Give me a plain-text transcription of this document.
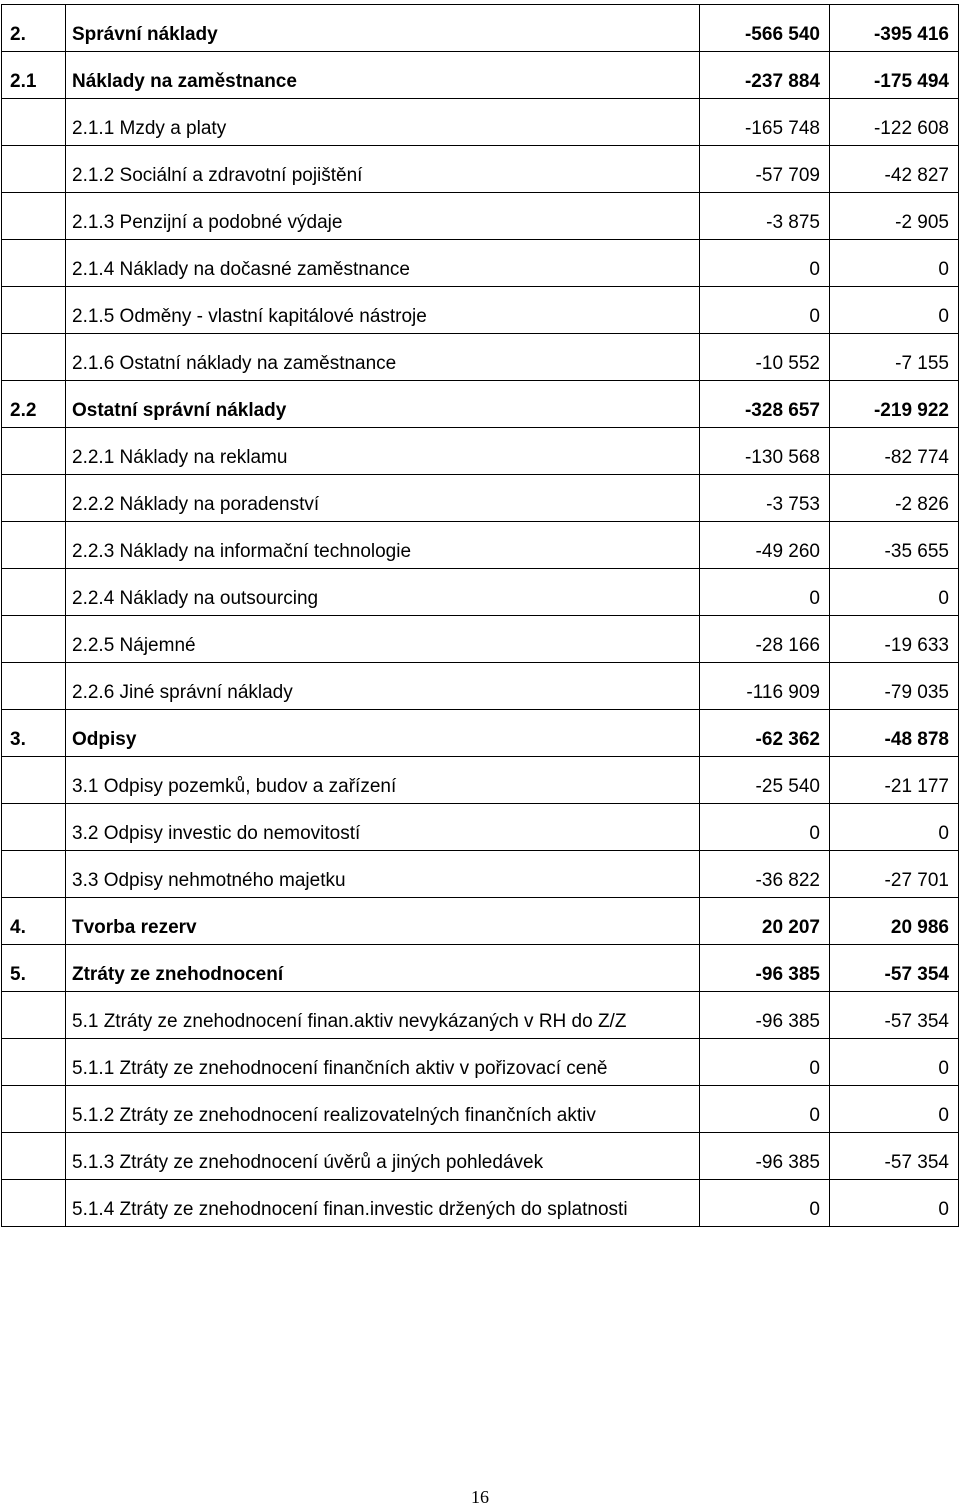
2.	Správní náklady	-566 540	-395 416
2.1	Náklady na zaměstnance	-237 884	-175 494
	2.1.1 Mzdy a platy	-165 748	-122 608
	2.1.2 Sociální a zdravotní pojištění	-57 709	-42 827
	2.1.3 Penzijní a podobné výdaje	-3 875	-2 905
	2.1.4 Náklady na dočasné zaměstnance	0	0
	2.1.5 Odměny - vlastní kapitálové nástroje	0	0
	2.1.6 Ostatní náklady na zaměstnance	-10 552	-7 155
2.2	Ostatní správní náklady	-328 657	-219 922
	2.2.1 Náklady na reklamu	-130 568	-82 774
	2.2.2 Náklady na poradenství	-3 753	-2 826
	2.2.3 Náklady na informační technologie	-49 260	-35 655
	2.2.4 Náklady na outsourcing	0	0
	2.2.5 Nájemné	-28 166	-19 633
	2.2.6 Jiné správní náklady	-116 909	-79 035
3.	Odpisy	-62 362	-48 878
	3.1 Odpisy pozemků, budov a zařízení	-25 540	-21 177
	3.2 Odpisy investic do nemovitostí	0	0
	3.3 Odpisy nehmotného majetku	-36 822	-27 701
4.	Tvorba rezerv	20 207	20 986
5.	Ztráty ze znehodnocení	-96 385	-57 354
	5.1 Ztráty ze znehodnocení finan.aktiv nevykázaných v RH do Z/Z	-96 385	-57 354
	5.1.1 Ztráty ze znehodnocení finančních aktiv v pořizovací ceně	0	0
	5.1.2 Ztráty ze znehodnocení realizovatelných finančních aktiv	0	0
	5.1.3 Ztráty ze znehodnocení úvěrů a jiných pohledávek	-96 385	-57 354
	5.1.4 Ztráty ze znehodnocení finan.investic držených do splatnosti	0	0
16
